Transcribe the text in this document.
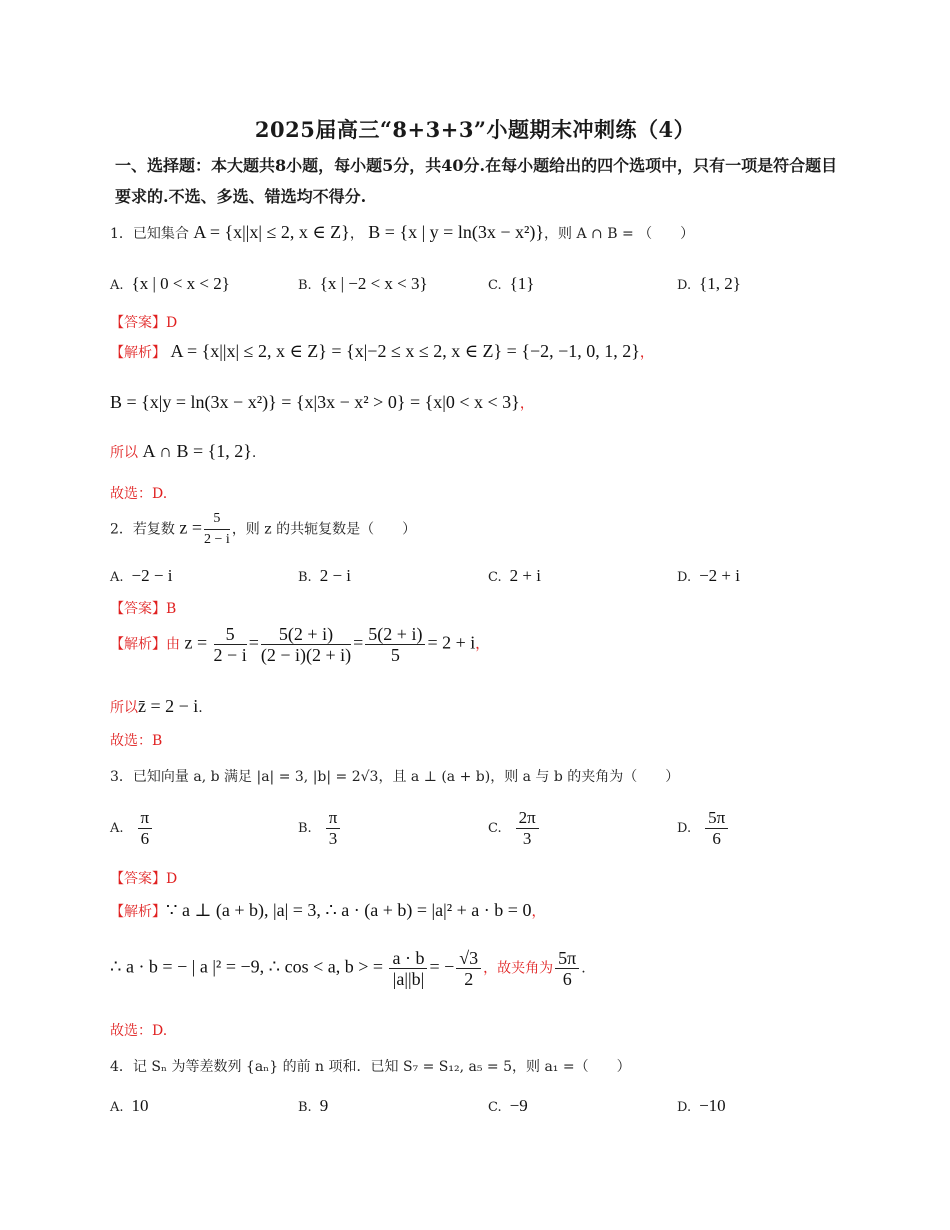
2025届高三“8+3+3”小题期末冲刺练（4）
一、选择题：本大题共8小题，每小题5分，共40分.在每小题给出的四个选项中，只有一项是符合题目要求的.不选、多选、错选均不得分.
1．已知集合 A = {x||x| ≤ 2, x ∈ Z}， B = {x | y = ln(3x − x²)}，则 A ∩ B = （　　）
A. {x | 0 < x < 2}	B. {x | −2 < x < 3}	C. {1}	D. {1, 2}
【答案】D
【解析】 A = {x||x| ≤ 2, x ∈ Z} = {x|−2 ≤ x ≤ 2, x ∈ Z} = {−2, −1, 0, 1, 2}，
B = {x|y = ln(3x − x²)} = {x|3x − x² > 0} = {x|0 < x < 3}，
所以 A ∩ B = {1, 2}.
故选：D.
2．若复数 $z = \frac{5}{2 - i}$ ，则 z 的共轭复数是（　　）
A. −2 − i	B. 2 − i	C. 2 + i	D. −2 + i
【答案】B
【解析】由 $z = \frac{5}{2 - i} = \frac{5(2 + i)}{(2 - i)(2 + i)} = \frac{5(2 + i)}{5} = 2 + i$，
所以z̄ = 2 − i.
故选：B
3．已知向量 a, b 满足 |a| = 3, |b| = 2√3，且 a ⊥ (a + b)，则 a 与 b 的夹角为（　　）
A. $\frac{\pi}{6}$	B. $\frac{\pi}{3}$	C. $\frac{2\pi}{3}$	D. $\frac{5\pi}{6}$
【答案】D
【解析】∵ a ⊥ (a + b), |a| = 3, ∴ a · (a + b) = |a|² + a · b = 0，
∴ a · b = − | a |² = −9, ∴ cos < a, b > = $\frac{a \cdot b}{|a||b|}$ = − $\frac{√3}{2}$ ，故夹角为 $\frac{5\pi}{6}$ .
故选：D.
4．记 Sₙ 为等差数列 {aₙ} 的前 n 项和．已知 S₇ = S₁₂, a₅ = 5，则 a₁ =（　　）
A. 10	B. 9	C. −9	D. −10
